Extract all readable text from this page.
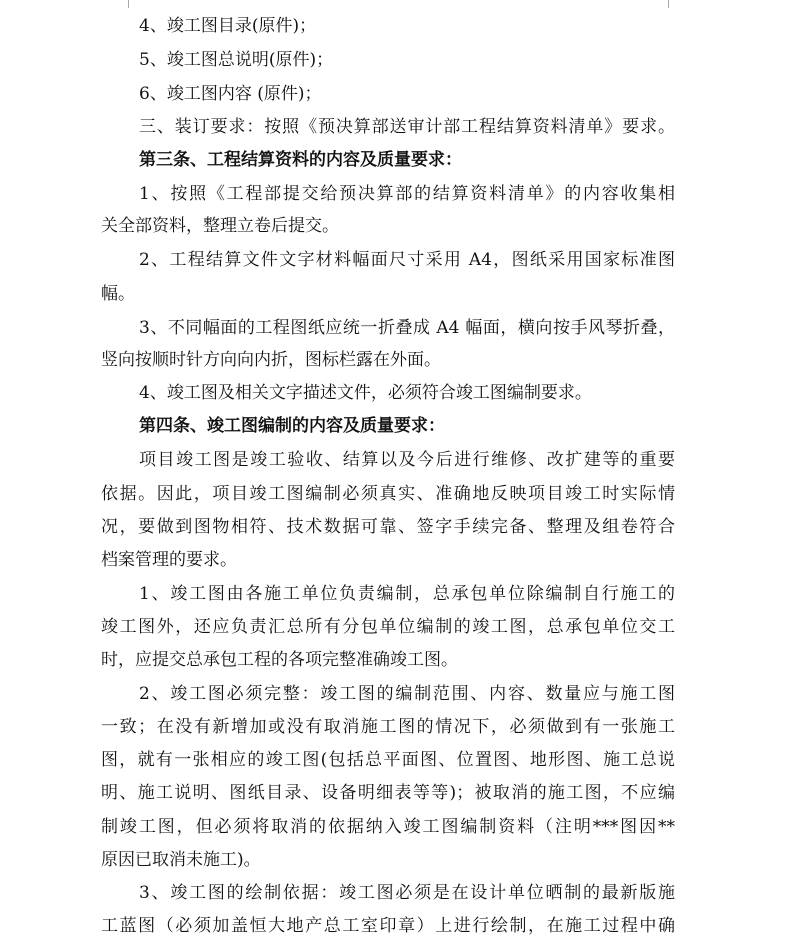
4、竣工图目录(原件)；
5、竣工图总说明(原件)；
6、竣工图内容 (原件)；
三、装订要求：按照《预决算部送审计部工程结算资料清单》要求。
第三条、工程结算资料的内容及质量要求：
1、按照《工程部提交给预决算部的结算资料清单》的内容收集相
关全部资料，整理立卷后提交。
2、工程结算文件文字材料幅面尺寸采用 A4，图纸采用国家标准图
幅。
3、不同幅面的工程图纸应统一折叠成 A4 幅面，横向按手风琴折叠，
竖向按顺时针方向向内折，图标栏露在外面。
4、竣工图及相关文字描述文件，必须符合竣工图编制要求。
第四条、竣工图编制的内容及质量要求：
项目竣工图是竣工验收、结算以及今后进行维修、改扩建等的重要
依据。因此，项目竣工图编制必须真实、准确地反映项目竣工时实际情
况，要做到图物相符、技术数据可靠、签字手续完备、整理及组卷符合
档案管理的要求。
1、竣工图由各施工单位负责编制，总承包单位除编制自行施工的
竣工图外，还应负责汇总所有分包单位编制的竣工图，总承包单位交工
时，应提交总承包工程的各项完整准确竣工图。
2、竣工图必须完整：竣工图的编制范围、内容、数量应与施工图
一致；在没有新增加或没有取消施工图的情况下，必须做到有一张施工
图，就有一张相应的竣工图(包括总平面图、位置图、地形图、施工总说
明、施工说明、图纸目录、设备明细表等等)；被取消的施工图，不应编
制竣工图，但必须将取消的依据纳入竣工图编制资料（注明***图因**
原因已取消未施工)。
3、竣工图的绘制依据：竣工图必须是在设计单位晒制的最新版施
工蓝图（必须加盖恒大地产总工室印章）上进行绘制，在施工过程中确
